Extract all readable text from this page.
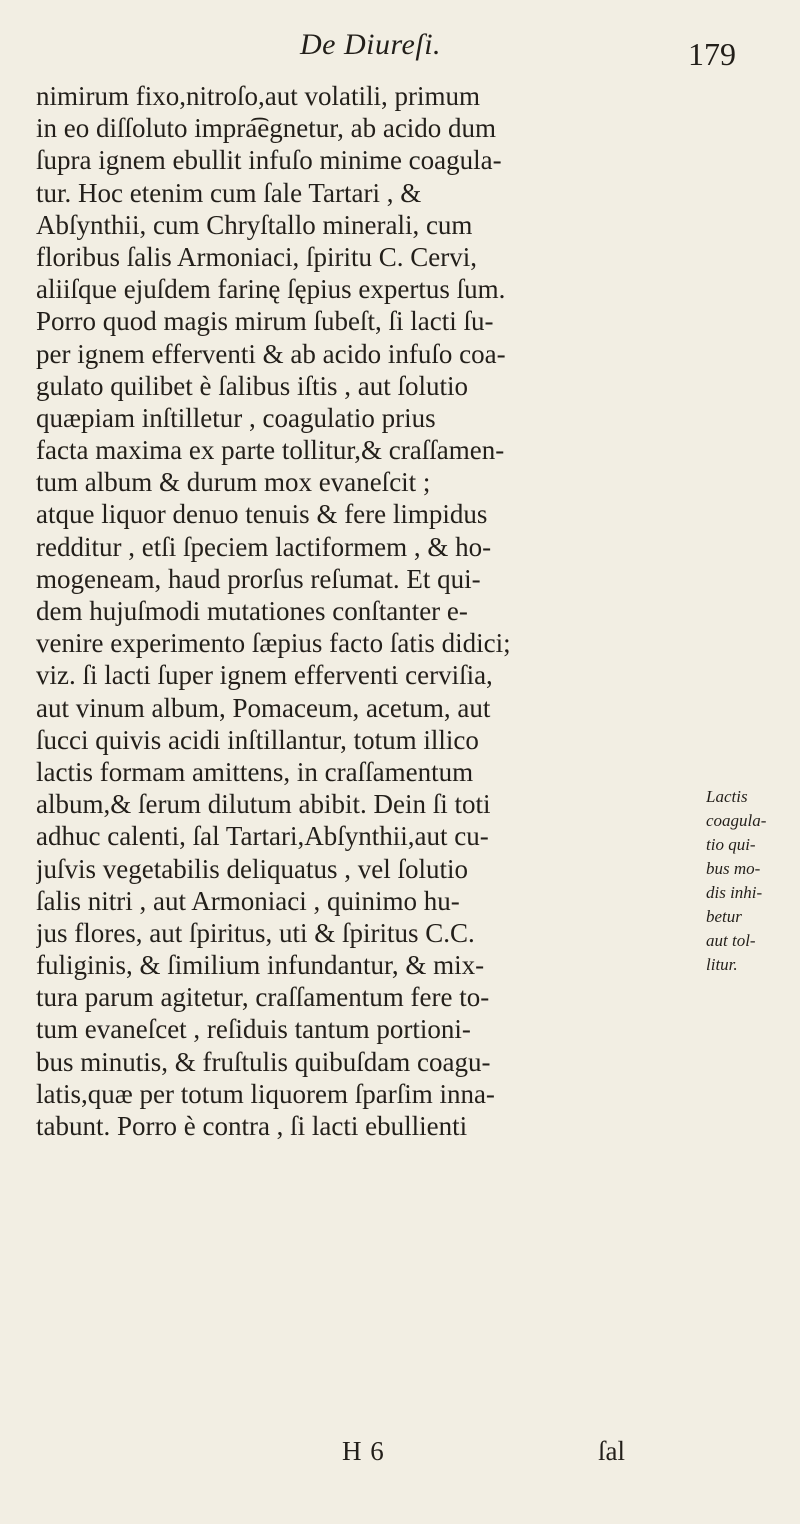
De Diureſi.	179
nimirum fixo,nitroſo,aut volatili, primum
in eo diſſoluto impra͡egnetur, ab acido dum
ſupra ignem ebullit infuſo minime coagula-
tur. Hoc etenim cum ſale Tartari , &
Abſynthii, cum Chryſtallo minerali, cum
floribus ſalis Armoniaci, ſpiritu C. Cervi,
aliiſque ejuſdem farinę ſępius expertus ſum.
Porro quod magis mirum ſubeſt, ſi lacti ſu-
per ignem efferventi & ab acido infuſo coa-
gulato quilibet è ſalibus iſtis , aut ſolutio
quæpiam inſtilletur , coagulatio prius
facta maxima ex parte tollitur,& craſſamen-
tum album & durum mox evaneſcit ;
atque liquor denuo tenuis & fere limpidus
redditur , etſi ſpeciem lactiformem , & ho-
mogeneam, haud prorſus reſumat. Et qui-
dem hujuſmodi mutationes conſtanter e-
venire experimento ſæpius facto ſatis didici;
viz. ſi lacti ſuper ignem efferventi cerviſia,
aut vinum album, Pomaceum, acetum, aut
ſucci quivis acidi inſtillantur, totum illico
lactis formam amittens, in craſſamentum
album,& ſerum dilutum abibit. Dein ſi toti
adhuc calenti, ſal Tartari,Abſynthii,aut cu-
juſvis vegetabilis deliquatus , vel ſolutio
ſalis nitri , aut Armoniaci , quinimo hu-
jus flores, aut ſpiritus, uti & ſpiritus C.C.
fuliginis, & ſimilium infundantur, & mix-
tura parum agitetur, craſſamentum fere to-
tum evaneſcet , reſiduis tantum portioni-
bus minutis, & fruſtulis quibuſdam coagu-
latis,quæ per totum liquorem ſparſim inna-
tabunt. Porro è contra , ſi lacti ebullienti
Lactis
coagula-
tio qui-
bus mo-
dis inhi-
betur
aut tol-
litur.
H 6	ſal
